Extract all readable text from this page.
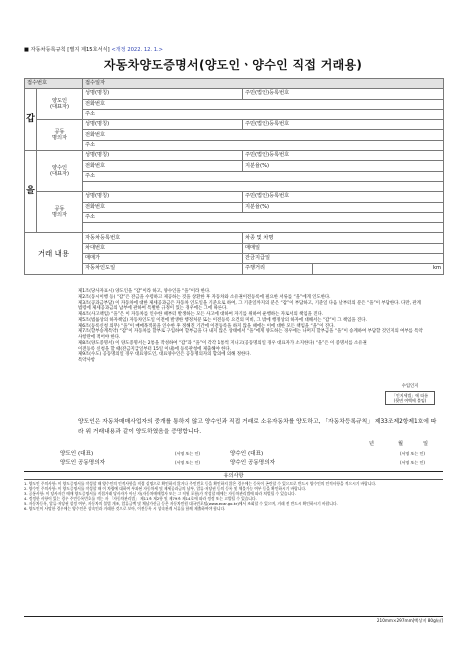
■ 자동차등록규칙 [별지 제15호서식] <개정 2022. 12. 1.>
자동차양도증명서(양도인ㆍ양수인 직접 거래용)
접수번호		접수일자		
갑	양도인
(대표자)	성명(명칭)	주민(법인)등록번호	
		전화번호		
		주소		
	공동
명의자	성명(명칭)	주민(법인)등록번호	
		전화번호		
		주소		
을	양수인
(대표자)	성명(명칭)	주민(법인)등록번호	
		전화번호	지분율(%)	
		주소		

	공동
명의자	성명(명칭)	주민(법인)등록번호	
		전화번호	지분율(%)	
		주소		

거래 내용		자동차등록번호	차종 및 차명	
		차대번호	매매일	
		매매가	잔금지급일	
		자동차인도일	주행거리	km

제1조(당사자표시) 양도인을 “갑”이라 하고, 양수인을 “을”이라 한다.

제2조(동시이행 등) “갑”은 잔금을 수령하고 제공하는 것을 상환한 후 자동차와 소유권이전등록에 필요한 서류를 “을”에게 인도한다.

제3조(공과금부담) 이 자동차에 대한 제세공과금은 자동차 인도일을 기준으로 하여, 그 기준일까지의 분은 “갑”이 부담하고, 기준일 다음 날부터의 분은 “을”이 부담한다. 다만, 관계 법령에 제세공과금의 납부에 관하여 특별한 규정이 있는 경우에는 그에 따른다.

제4조(사고책임) “을”은 이 자동차를 인수한 때부터 발생하는 모든 사고에 대하여 자기를 위하여 운행하는 자로서의 책임을 진다.

제5조(법률상의 하자책임) 자동차인도일 이전에 발생한 행정처분 또는 이전등록 요건의 미비, 그 밖에 행정상의 하자에 대해서는 “갑”이 그 책임을 진다.

제6조(등록신청 의무) “을”이 매매목적물을 인수한 후 정해진 기간에 이전등록을 하지 않을 때에는 이에 대한 모든 책임을 “을”이 진다.

제7조(할부승계특약) “갑”이 자동차를 할부로 구입하여 할부금을 다 내지 않은 상태에서 “을”에게 양도하는 경우에는 나머지 할부금을 “을”이 승계하여 부담할 것인지의 여부를 특약사항란에 적어야 한다.

제8조(양도증명서) 이 양도증명서는 2통을 작성하여 “갑”과 “을”이 각각 1통씩 지니고(공동명의일 경우 대표자가 소지한다) “을”은 이 증명서를 소유권이전등록 신청을 할 때(잔금지급일부터 15일 이내)에 등록관청에 제출해야 한다.

제9조(수도) 공동명의일 경우 대표양도인, 대표양수인은 공동명의자의 합의에 의해 정한다.

특약사항

수입인지
「인지세법」에 따름
(뒷면 여백에 붙임)
양도인은 자동차매매사업자의 중개를 통하지 않고 양수인과 직접 거래로 소유자동차를 양도하고, 「자동차등록규칙」 제33조제2항제1호에 따라 위 거래내용과 같이 양도하였음을 증명합니다.
년	월	일
양도인 (대표)	(서명 또는 인)	양수인 (대표)	(서명 또는 인)
양도인 공동명의자	(서명 또는 인)	양수인 공동명의자	(서명 또는 인)
유의사항

1. 양도인 주의사항: 이 양도증명서를 작성할 때 양수인의 인적사항을 직접 실명으로 확인하지 않거나 주민번호 등을 확인하지 않은 경우에는 등록이 곤란할 수 있으므로 반드시 양수인의 인적사항을 적으시기 바랍니다.

2. 양수인 주의사항: 이 양도증명서를 작성할 때 이 차량에 대하여 부과된 자동차세 및 제세공과금의 납부, 압류·저당권 등의 등록 및 체불가능 여부 등을 확인하시기 바랍니다.

3. 공통사항: 이 당사자간 매매 양도증명서를 직접거래 당사자가 아닌 자(자동차매매업자 또는 그 직원 포함)가 작성할 때에는 자동차관리법에 따라 처벌될 수 있습니다.

4. 정정한 사항이 있는 경우 주민등록번호를 적는 자 「자동차관리법」 제11조 제2항 및 제79조 제14호에 따라 정정 또는 고발될 수 있습니다.

5. 자동차등록, 압류·저당권 설정 여부, 자동차의 불법 개조, 압류금액 및 체납가산금 등은 자동차민원 대국민포털(www.ecar.go.kr)에서 조회할 수 있으며, 거래 전 반드시 확인하시기 바랍니다.

6. 양도인이 사망한 경우에는 양수인은 상속인과 거래한 것으로 보아, 이전등록 시 상속관계 서류를 함께 제출하여야 합니다.

210mm×297mm[백상지 80g/㎡]
